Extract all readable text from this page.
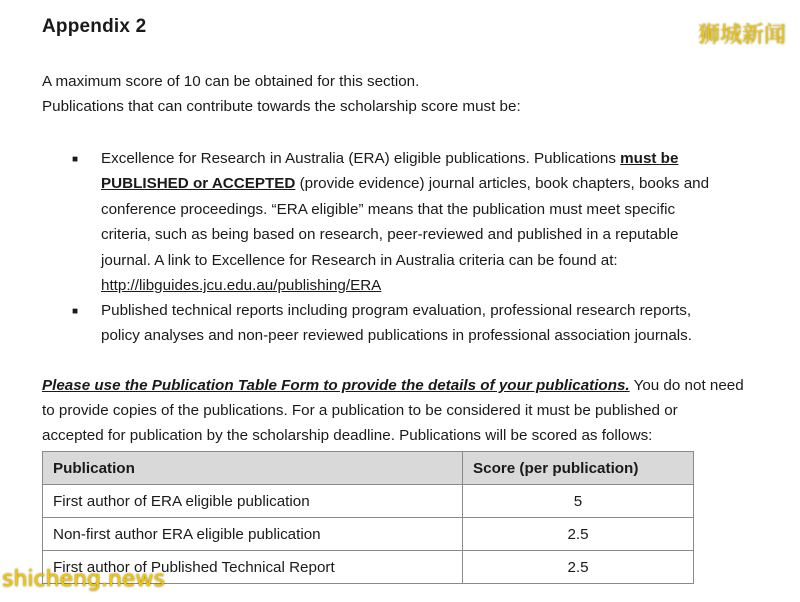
Appendix 2
A maximum score of 10 can be obtained for this section.
Publications that can contribute towards the scholarship score must be:
■ Excellence for Research in Australia (ERA) eligible publications. Publications must be
PUBLISHED or ACCEPTED (provide evidence) journal articles, book chapters, books and
conference proceedings. “ERA eligible” means that the publication must meet specific
criteria, such as being based on research, peer-reviewed and published in a reputable
journal. A link to Excellence for Research in Australia criteria can be found at:
http://libguides.jcu.edu.au/publishing/ERA
■ Published technical reports including program evaluation, professional research reports,
policy analyses and non-peer reviewed publications in professional association journals.
Please use the Publication Table Form to provide the details of your publications. You do not need
to provide copies of the publications. For a publication to be considered it must be published or
accepted for publication by the scholarship deadline. Publications will be scored as follows:
Publication	Score (per publication)
First author of ERA eligible publication	5
Non-first author ERA eligible publication	2.5
First author of Published Technical Report	2.5
狮城新闻
shicheng.news
